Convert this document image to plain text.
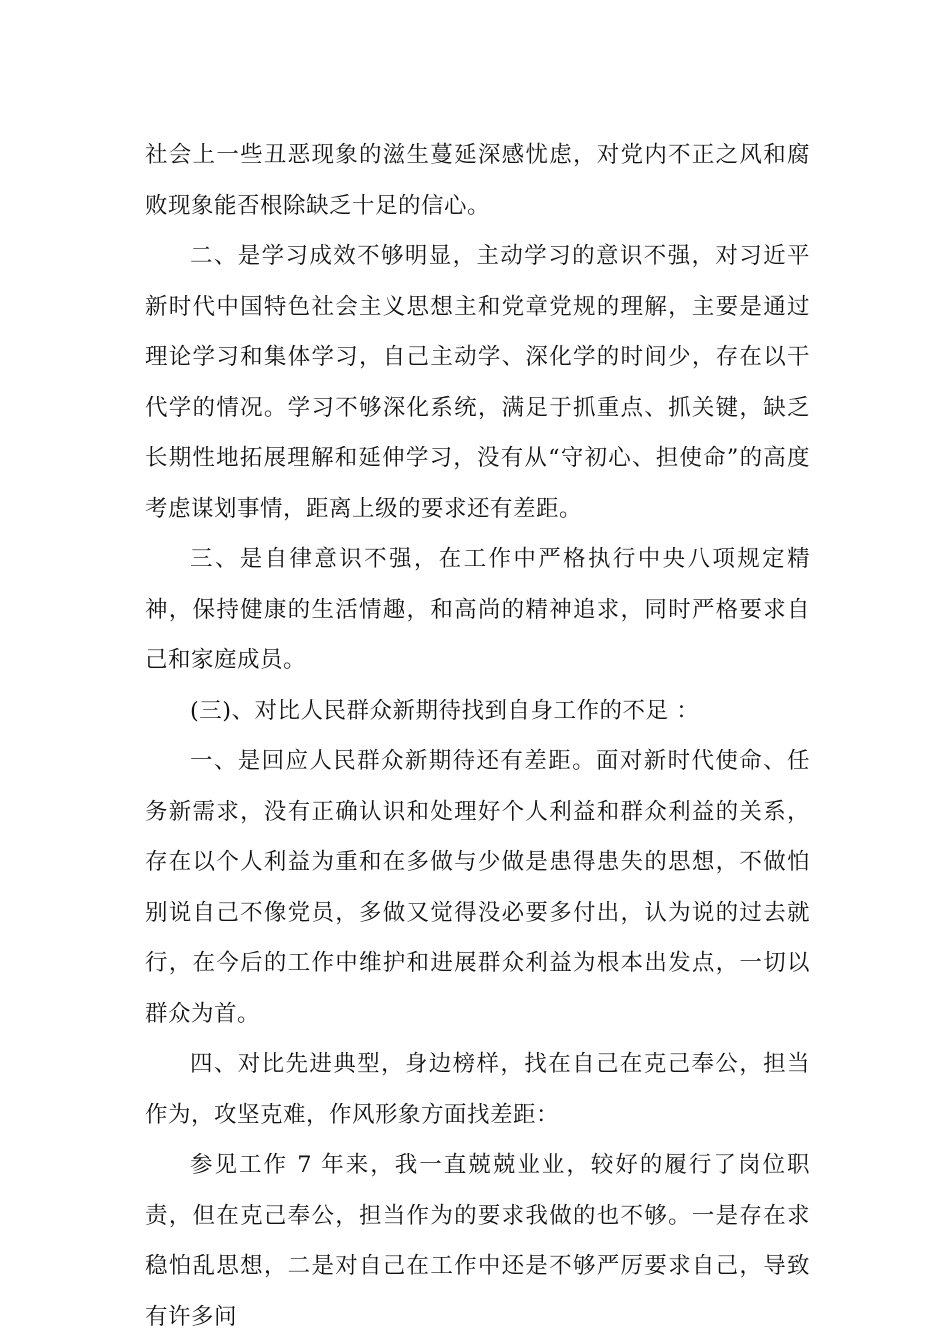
社会上一些丑恶现象的滋生蔓延深感忧虑，对党内不正之风和腐败现象能否根除缺乏十足的信心。

二、是学习成效不够明显，主动学习的意识不强，对习近平新时代中国特色社会主义思想主和党章党规的理解，主要是通过理论学习和集体学习，自己主动学、深化学的时间少，存在以干代学的情况。学习不够深化系统，满足于抓重点、抓关键，缺乏长期性地拓展理解和延伸学习，没有从“守初心、担使命”的高度考虑谋划事情，距离上级的要求还有差距。

三、是自律意识不强，在工作中严格执行中央八项规定精神，保持健康的生活情趣，和高尚的精神追求，同时严格要求自己和家庭成员。

(三)、对比人民群众新期待找到自身工作的不足 ：

一、是回应人民群众新期待还有差距。面对新时代使命、任务新需求，没有正确认识和处理好个人利益和群众利益的关系，存在以个人利益为重和在多做与少做是患得患失的思想，不做怕别说自己不像党员，多做又觉得没必要多付出，认为说的过去就行，在今后的工作中维护和进展群众利益为根本出发点，一切以群众为首。

四、对比先进典型，身边榜样，找在自己在克己奉公，担当作为，攻坚克难，作风形象方面找差距：

参见工作 7 年来，我一直兢兢业业，较好的履行了岗位职责，但在克己奉公，担当作为的要求我做的也不够。一是存在求稳怕乱思想，二是对自己在工作中还是不够严厉要求自己，导致有许多问
